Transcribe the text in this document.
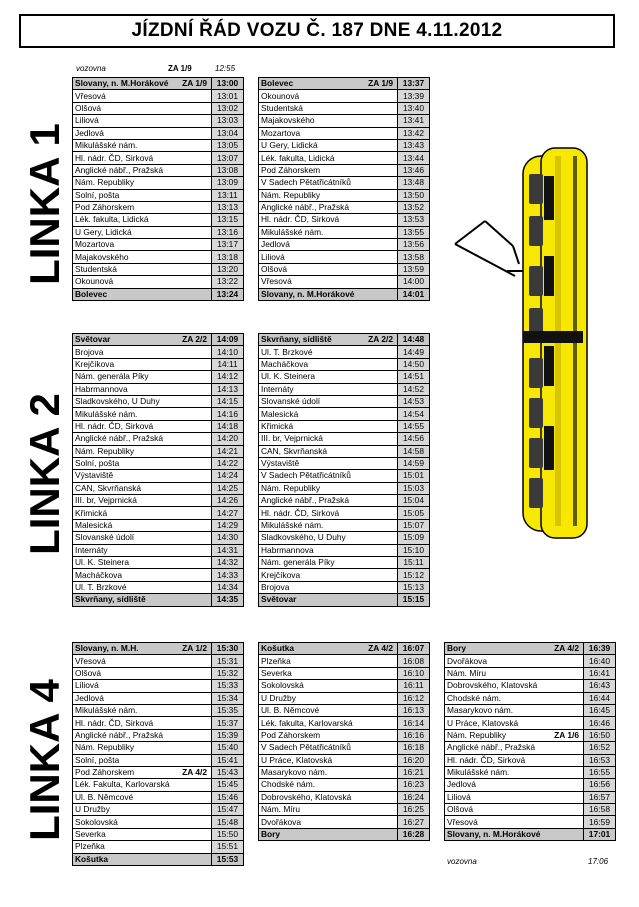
JÍZDNÍ ŘÁD VOZU Č. 187 DNE 4.11.2012
LINKA 1
LINKA 2
LINKA 4
vozovna	ZA 1/9	12:55
Slovany, n. M.Horákové ZA 1/9	13:00
Vřesová	13:01
Olšová	13:02
Liliová	13:03
Jedlová	13:04
Mikulášské nám.	13:05
Hl. nádr. ČD, Sirková	13:07
Anglické nábř., Pražská	13:08
Nám. Republiky	13:09
Solní, pošta	13:11
Pod Záhorskem	13:13
Lék. fakulta, Lidická	13:15
U Gery, Lidická	13:16
Mozartova	13:17
Majakovského	13:18
Studentská	13:20
Okounová	13:22
Bolevec	13:24
Bolevec ZA 1/9	13:37
Okounová	13:39
Studentská	13:40
Majakovského	13:41
Mozartova	13:42
U Gery, Lidická	13:43
Lék. fakulta, Lidická	13:44
Pod Záhorskem	13:46
V Sadech Pětatřicátníků	13:48
Nám. Republiky	13:50
Anglické nábř., Pražská	13:52
Hl. nádr. ČD, Sirková	13:53
Mikulášské nám.	13:55
Jedlová	13:56
Liliová	13:58
Olšová	13:59
Vřesová	14:00
Slovany, n. M.Horákové	14:01
Světovar ZA 2/2	14:09
Brojova	14:10
Krejčíkova	14:11
Nám. generála Píky	14:12
Habrmannova	14:13
Sladkovského, U Duhy	14:15
Mikulášské nám.	14:16
Hl. nádr. ČD, Sirková	14:18
Anglické nábř., Pražská	14:20
Nám. Republiky	14:21
Solní, pošta	14:22
Výstaviště	14:24
CAN, Skvrňanská	14:25
III. br, Vejprnická	14:26
Křimická	14:27
Malesická	14:29
Slovanské údolí	14:30
Internáty	14:31
Ul. K. Steinera	14:32
Macháčkova	14:33
Ul. T. Brzkové	14:34
Skvrňany, sídliště	14:35
Skvrňany, sídliště ZA 2/2	14:48
Ul. T. Brzkové	14:49
Macháčkova	14:50
Ul. K. Steinera	14:51
Internáty	14:52
Slovanské údolí	14:53
Malesická	14:54
Křimická	14:55
III. br, Vejprnická	14:56
CAN, Skvrňanská	14:58
Výstaviště	14:59
V Sadech Pětatřicátníků	15:01
Nám. Republiky	15:03
Anglické nábř., Pražská	15:04
Hl. nádr. ČD, Sirková	15:05
Mikulášské nám.	15:07
Sladkovského, U Duhy	15:09
Habrmannova	15:10
Nám. generála Píky	15:11
Krejčíkova	15:12
Brojova	15:13
Světovar	15:15
Slovany, n. M.H. ZA 1/2	15:30
Vřesová	15:31
Olšová	15:32
Liliová	15:33
Jedlová	15:34
Mikulášské nám.	15:35
Hl. nádr. ČD, Sirková	15:37
Anglické nábř., Pražská	15:39
Nám. Republiky	15:40
Solní, pošta	15:41
Pod Záhorskem ZA 4/2	15:43
Lék. Fakulta, Karlovarská	15:45
Ul. B. Němcové	15:46
U Družby	15:47
Sokolovská	15:48
Severka	15:50
Plzeňka	15:51
Košutka	15:53
Košutka ZA 4/2	16:07
Plzeňka	16:08
Severka	16:10
Sokolovská	16:11
U Družby	16:12
Ul. B. Němcové	16:13
Lék. fakulta, Karlovarská	16:14
Pod Záhorskem	16:16
V Sadech Pětatřicátníků	16:18
U Práce, Klatovská	16:20
Masarykovo nám.	16:21
Chodské nám.	16:23
Dobrovského, Klatovská	16:24
Nám. Míru	16:25
Dvořákova	16:27
Bory	16:28
Bory ZA 4/2	16:39
Dvořákova	16:40
Nám. Míru	16:41
Dobrovského, Klatovská	16:43
Chodské nám.	16:44
Masarykovo nám.	16:45
U Práce, Klatovská	16:46
Nám. Republiky ZA 1/6	16:50
Anglické nábř., Pražská	16:52
Hl. nádr. ČD, Sirková	16:53
Mikulášské nám.	16:55
Jedlová	16:56
Liliová	16:57
Olšová	16:58
Vřesová	16:59
Slovany, n. M.Horákové	17:01
vozovna	17:06
